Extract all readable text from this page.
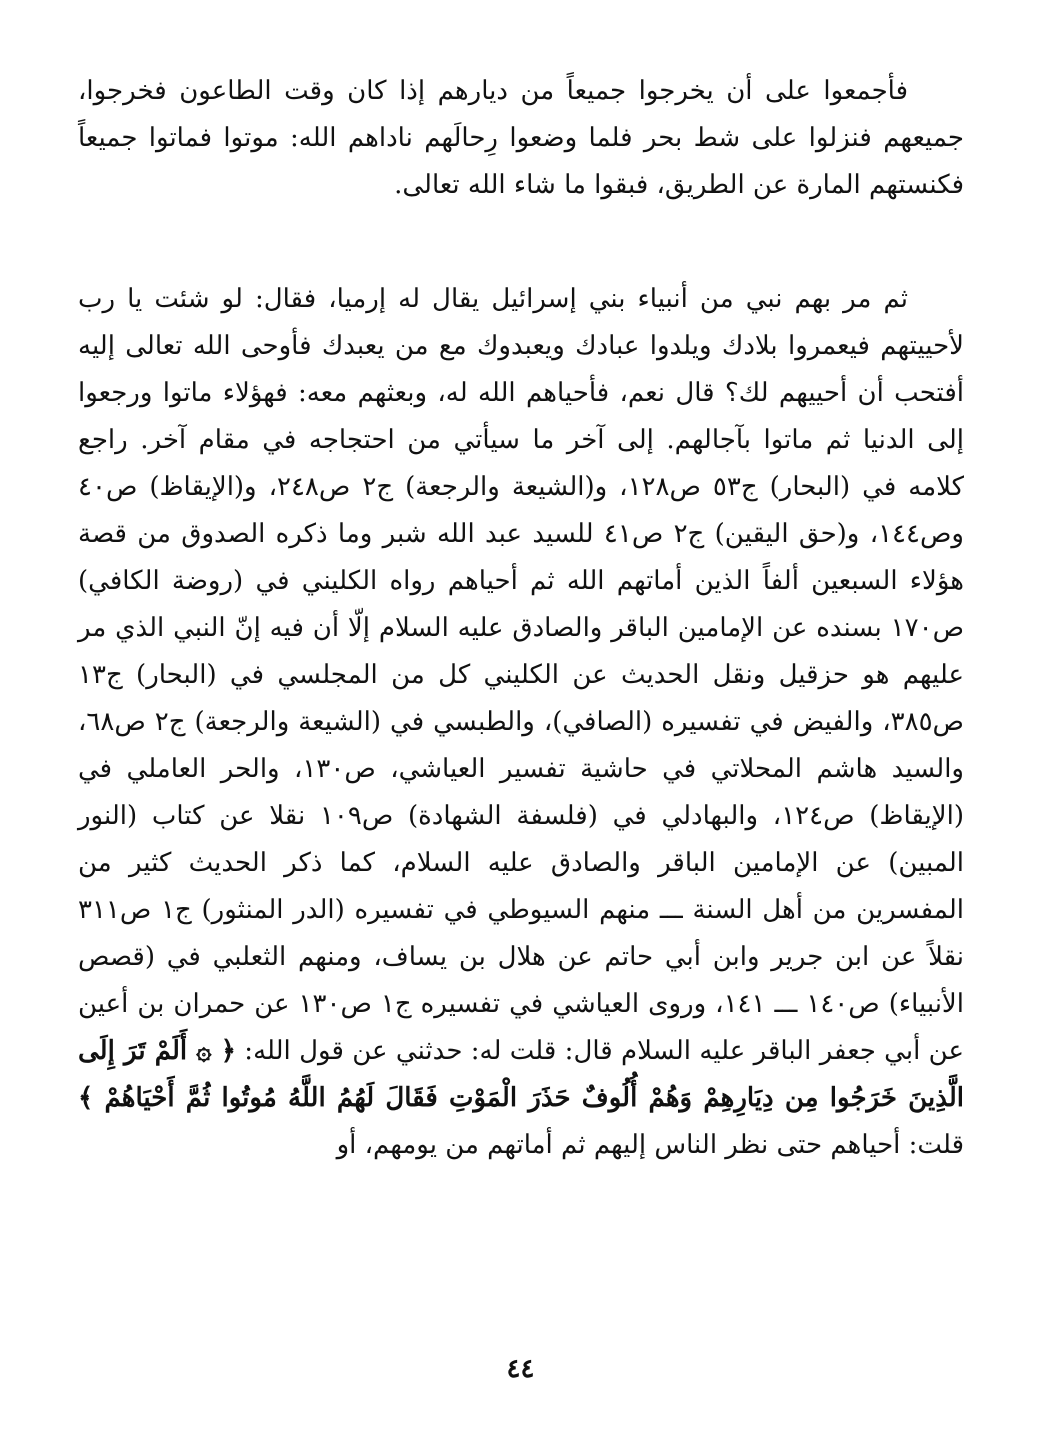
فأجمعوا على أن يخرجوا جميعاً من ديارهم إذا كان وقت الطاعون فخرجوا، جميعهم فنزلوا على شط بحر فلما وضعوا رِحالَهم ناداهم الله: موتوا فماتوا جميعاً فكنستهم المارة عن الطريق، فبقوا ما شاء الله تعالى.

ثم مر بهم نبي من أنبياء بني إسرائيل يقال له إرميا، فقال: لو شئت يا رب لأحييتهم فيعمروا بلادك ويلدوا عبادك ويعبدوك مع من يعبدك فأوحى الله تعالى إليه أفتحب أن أحييهم لك؟ قال نعم، فأحياهم الله له، وبعثهم معه: فهؤلاء ماتوا ورجعوا إلى الدنيا ثم ماتوا بآجالهم. إلى آخر ما سيأتي من احتجاجه في مقام آخر. راجع كلامه في (البحار) ج٥٣ ص١٢٨، و(الشيعة والرجعة) ج٢ ص٢٤٨، و(الإيقاظ) ص٤٠ وص١٤٤، و(حق اليقين) ج٢ ص٤١ للسيد عبد الله شبر وما ذكره الصدوق من قصة هؤلاء السبعين ألفاً الذين أماتهم الله ثم أحياهم رواه الكليني في (روضة الكافي) ص١٧٠ بسنده عن الإمامين الباقر والصادق عليه السلام إلّا أن فيه إنّ النبي الذي مر عليهم هو حزقيل ونقل الحديث عن الكليني كل من المجلسي في (البحار) ج١٣ ص٣٨٥، والفيض في تفسيره (الصافي)، والطبسي في (الشيعة والرجعة) ج٢ ص٦٨، والسيد هاشم المحلاتي في حاشية تفسير العياشي، ص١٣٠، والحر العاملي في (الإيقاظ) ص١٢٤، والبهادلي في (فلسفة الشهادة) ص١٠٩ نقلا عن كتاب (النور المبين) عن الإمامين الباقر والصادق عليه السلام، كما ذكر الحديث كثير من المفسرين من أهل السنة ـــ منهم السيوطي في تفسيره (الدر المنثور) ج١ ص٣١١ نقلاً عن ابن جرير وابن أبي حاتم عن هلال بن يساف، ومنهم الثعلبي في (قصص الأنبياء) ص١٤٠ ـــ ١٤١، وروى العياشي في تفسيره ج١ ص١٣٠ عن حمران بن أعين عن أبي جعفر الباقر عليه السلام قال: قلت له: حدثني عن قول الله: ﴿ ۞ أَلَمْ تَرَ إِلَى الَّذِينَ خَرَجُوا مِن دِيَارِهِمْ وَهُمْ أُلُوفٌ حَذَرَ الْمَوْتِ فَقَالَ لَهُمُ اللَّهُ مُوتُوا ثُمَّ أَحْيَاهُمْ ﴾ قلت: أحياهم حتى نظر الناس إليهم ثم أماتهم من يومهم، أو

٤٤
